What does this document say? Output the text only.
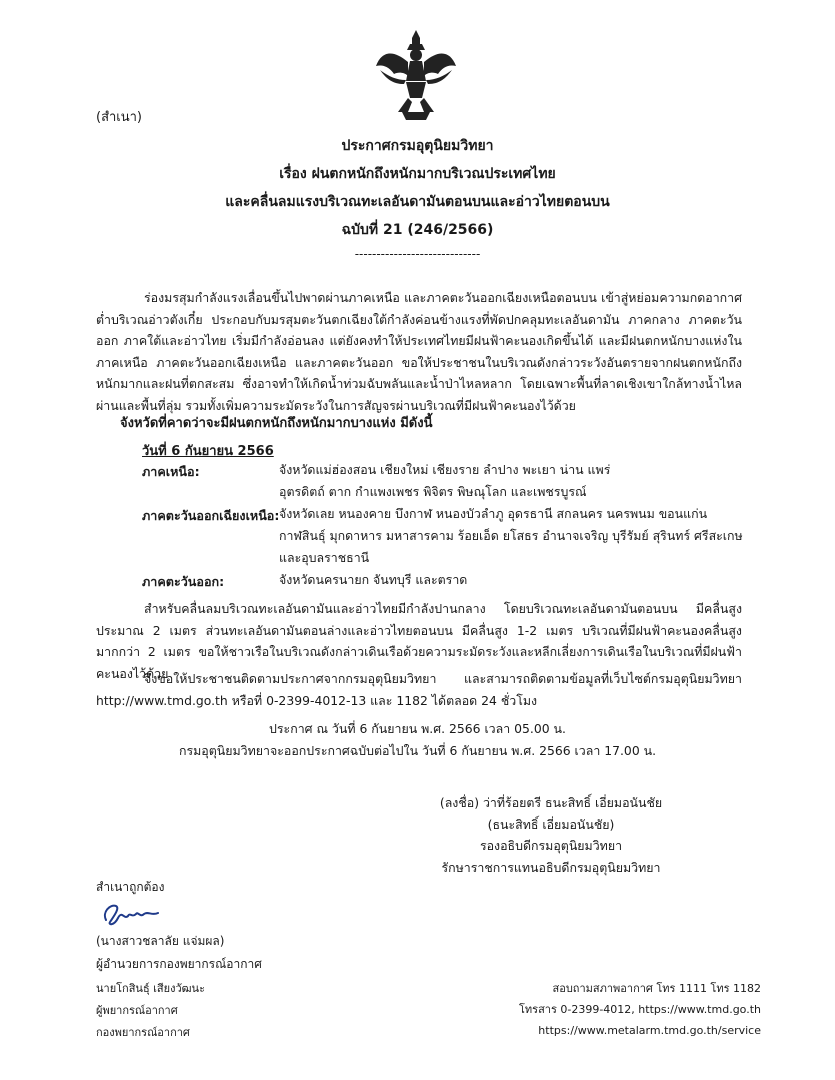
(สำเนา)
ประกาศกรมอุตุนิยมวิทยา
เรื่อง ฝนตกหนักถึงหนักมากบริเวณประเทศไทย
และคลื่นลมแรงบริเวณทะเลอันดามันตอนบนและอ่าวไทยตอนบน
ฉบับที่ 21 (246/2566)
-----------------------------
ร่องมรสุมกำลังแรงเลื่อนขึ้นไปพาดผ่านภาคเหนือ และภาคตะวันออกเฉียงเหนือตอนบน เข้าสู่หย่อมความกดอากาศต่ำบริเวณอ่าวตังเกี๋ย ประกอบกับมรสุมตะวันตกเฉียงใต้กำลังค่อนข้างแรงที่พัดปกคลุมทะเลอันดามัน ภาคกลาง ภาคตะวันออก ภาคใต้และอ่าวไทย เริ่มมีกำลังอ่อนลง แต่ยังคงทำให้ประเทศไทยมีฝนฟ้าคะนองเกิดขึ้นได้ และมีฝนตกหนักบางแห่งในภาคเหนือ ภาคตะวันออกเฉียงเหนือ และภาคตะวันออก ขอให้ประชาชนในบริเวณดังกล่าวระวังอันตรายจากฝนตกหนักถึงหนักมากและฝนที่ตกสะสม ซึ่งอาจทำให้เกิดน้ำท่วมฉับพลันและน้ำป่าไหลหลาก โดยเฉพาะพื้นที่ลาดเชิงเขาใกล้ทางน้ำไหลผ่านและพื้นที่ลุ่ม รวมทั้งเพิ่มความระมัดระวังในการสัญจรผ่านบริเวณที่มีฝนฟ้าคะนองไว้ด้วย
จังหวัดที่คาดว่าจะมีฝนตกหนักถึงหนักมากบางแห่ง มีดังนี้
วันที่ 6 กันยายน 2566
ภาคเหนือ:	จังหวัดแม่ฮ่องสอน เชียงใหม่ เชียงราย ลำปาง พะเยา น่าน แพร่
อุตรดิตถ์ ตาก กำแพงเพชร พิจิตร พิษณุโลก และเพชรบูรณ์
ภาคตะวันออกเฉียงเหนือ: จังหวัดเลย หนองคาย บึงกาฬ หนองบัวลำภู อุดรธานี สกลนคร นครพนม ขอนแก่น
กาฬสินธุ์ มุกดาหาร มหาสารคาม ร้อยเอ็ด ยโสธร อำนาจเจริญ บุรีรัมย์ สุรินทร์ ศรีสะเกษ
และอุบลราชธานี
ภาคตะวันออก:	จังหวัดนครนายก จันทบุรี และตราด
สำหรับคลื่นลมบริเวณทะเลอันดามันและอ่าวไทยมีกำลังปานกลาง โดยบริเวณทะเลอันดามันตอนบน มีคลื่นสูงประมาณ 2 เมตร ส่วนทะเลอันดามันตอนล่างและอ่าวไทยตอนบน มีคลื่นสูง 1-2 เมตร บริเวณที่มีฝนฟ้าคะนองคลื่นสูงมากกว่า 2 เมตร ขอให้ชาวเรือในบริเวณดังกล่าวเดินเรือด้วยความระมัดระวังและหลีกเลี่ยงการเดินเรือในบริเวณที่มีฝนฟ้าคะนองไว้ด้วย
จึงขอให้ประชาชนติดตามประกาศจากกรมอุตุนิยมวิทยา และสามารถติดตามข้อมูลที่เว็บไซต์กรมอุตุนิยมวิทยา http://www.tmd.go.th หรือที่ 0-2399-4012-13 และ 1182 ได้ตลอด 24 ชั่วโมง
ประกาศ ณ วันที่ 6 กันยายน พ.ศ. 2566 เวลา 05.00 น.
กรมอุตุนิยมวิทยาจะออกประกาศฉบับต่อไปใน วันที่ 6 กันยายน พ.ศ. 2566 เวลา 17.00 น.
(ลงชื่อ) ว่าที่ร้อยตรี ธนะสิทธิ์ เอี่ยมอนันชัย
(ธนะสิทธิ์ เอี่ยมอนันชัย)
รองอธิบดีกรมอุตุนิยมวิทยา
รักษาราชการแทนอธิบดีกรมอุตุนิยมวิทยา
สำเนาถูกต้อง
(นางสาวชลาลัย แจ่มผล)
ผู้อำนวยการกองพยากรณ์อากาศ
นายโกสินธุ์ เสียงวัฒนะ
ผู้พยากรณ์อากาศ
กองพยากรณ์อากาศ
สอบถามสภาพอากาศ โทร 1111 โทร 1182
โทรสาร 0-2399-4012, https://www.tmd.go.th
https://www.metalarm.tmd.go.th/service
